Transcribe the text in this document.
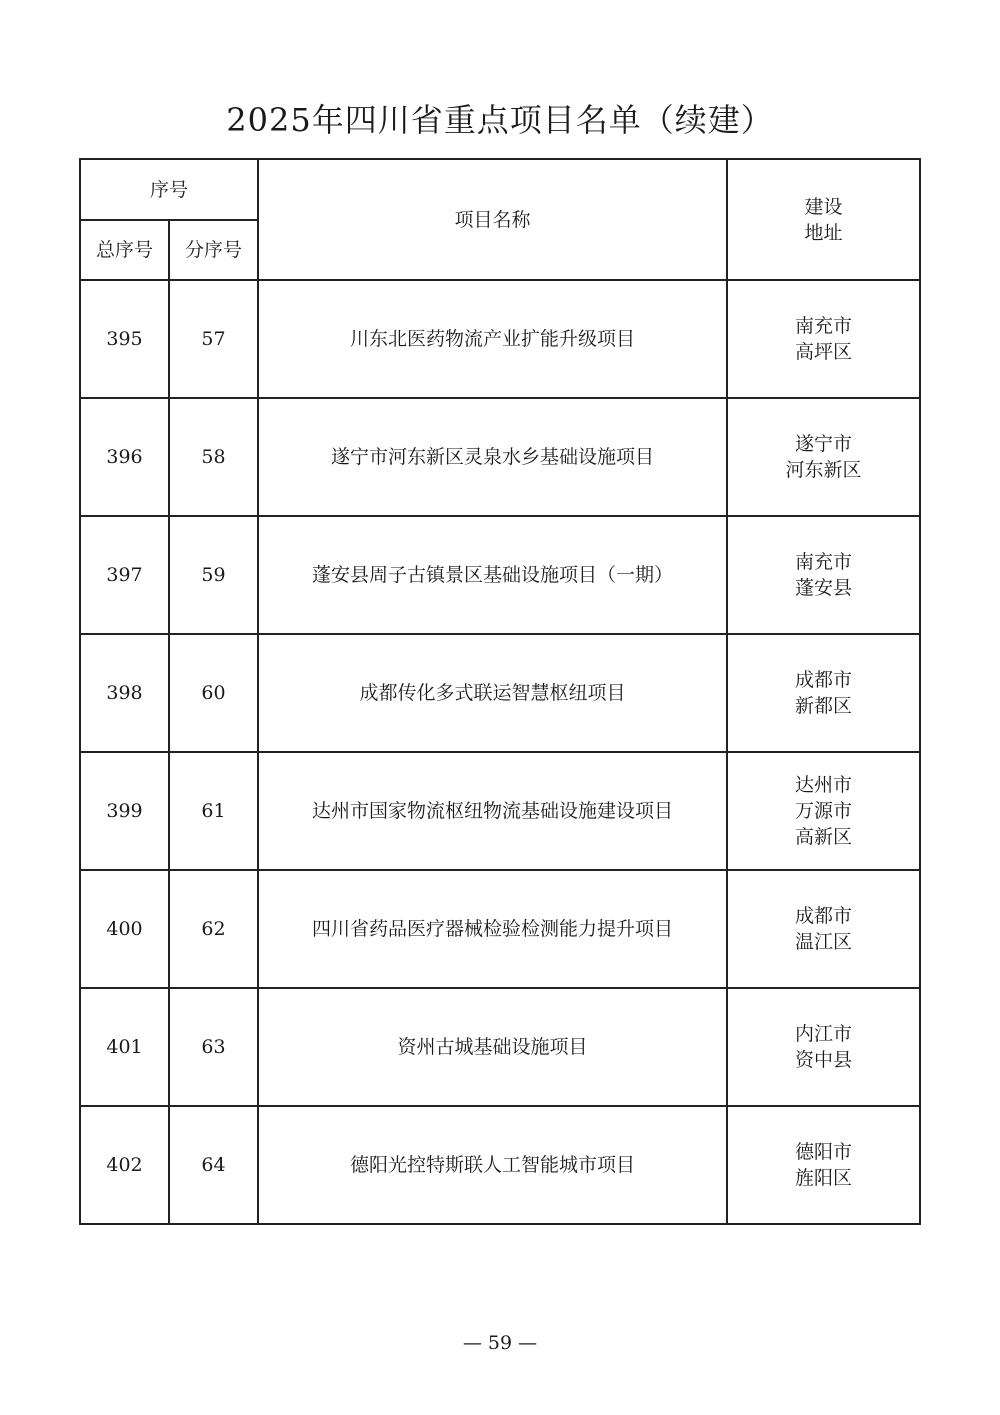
2025年四川省重点项目名单（续建）
序号		项目名称	建设
地址

总序号	分序号		
395	57	川东北医药物流产业扩能升级项目	南充市
高坪区

396	58	遂宁市河东新区灵泉水乡基础设施项目	遂宁市
河东新区

397	59	蓬安县周子古镇景区基础设施项目（一期）	南充市
蓬安县

398	60	成都传化多式联运智慧枢纽项目	成都市
新都区

399	61	达州市国家物流枢纽物流基础设施建设项目	达州市
万源市
高新区

400	62	四川省药品医疗器械检验检测能力提升项目	成都市
温江区

401	63	资州古城基础设施项目	内江市
资中县

402	64	德阳光控特斯联人工智能城市项目	德阳市
旌阳区
— 59 —
